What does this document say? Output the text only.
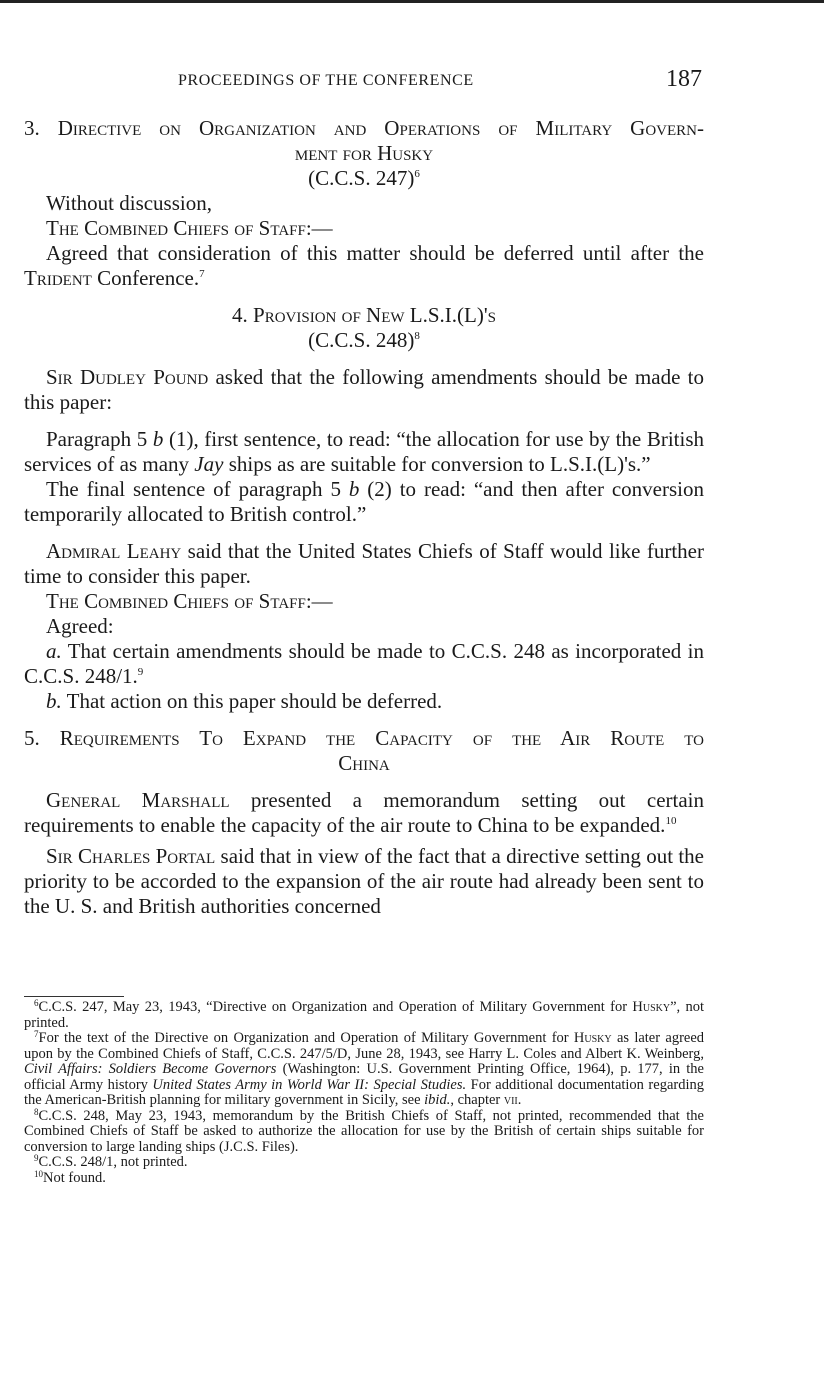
PROCEEDINGS OF THE CONFERENCE	187

3. Directive on Organization and Operations of Military Govern-

ment for Husky

(C.C.S. 247)$^6$

Without discussion,

The Combined Chiefs of Staff:—

Agreed that consideration of this matter should be deferred until after the Trident Conference.$^7$

4. Provision of New L.S.I.(L)'s

(C.C.S. 248)$^8$

Sir Dudley Pound asked that the following amendments should be made to this paper:

Paragraph 5 b (1), first sentence, to read: “the allocation for use by the British services of as many Jay ships as are suitable for conversion to L.S.I.(L)'s.”

The final sentence of paragraph 5 b (2) to read: “and then after conversion temporarily allocated to British control.”

Admiral Leahy said that the United States Chiefs of Staff would like further time to consider this paper.

The Combined Chiefs of Staff:—

Agreed:

a. That certain amendments should be made to C.C.S. 248 as incorporated in C.C.S. 248/1.$^9$

b. That action on this paper should be deferred.

5. Requirements To Expand the Capacity of the Air Route to

China

General Marshall presented a memorandum setting out certain requirements to enable the capacity of the air route to China to be expanded.$^{10}$

Sir Charles Portal said that in view of the fact that a directive setting out the priority to be accorded to the expansion of the air route had already been sent to the U. S. and British authorities concerned

$^6$C.C.S. 247, May 23, 1943, “Directive on Organization and Operation of Military Government for Husky”, not printed.

$^7$For the text of the Directive on Organization and Operation of Military Government for Husky as later agreed upon by the Combined Chiefs of Staff, C.C.S. 247/5/D, June 28, 1943, see Harry L. Coles and Albert K. Weinberg, Civil Affairs: Soldiers Become Governors (Washington: U.S. Government Printing Office, 1964), p. 177, in the official Army history United States Army in World War II: Special Studies. For additional documentation regarding the American-British planning for military government in Sicily, see ibid., chapter vii.

$^8$C.C.S. 248, May 23, 1943, memorandum by the British Chiefs of Staff, not printed, recommended that the Combined Chiefs of Staff be asked to authorize the allocation for use by the British of certain ships suitable for conversion to large landing ships (J.C.S. Files).

$^9$C.C.S. 248/1, not printed.

$^{10}$Not found.
